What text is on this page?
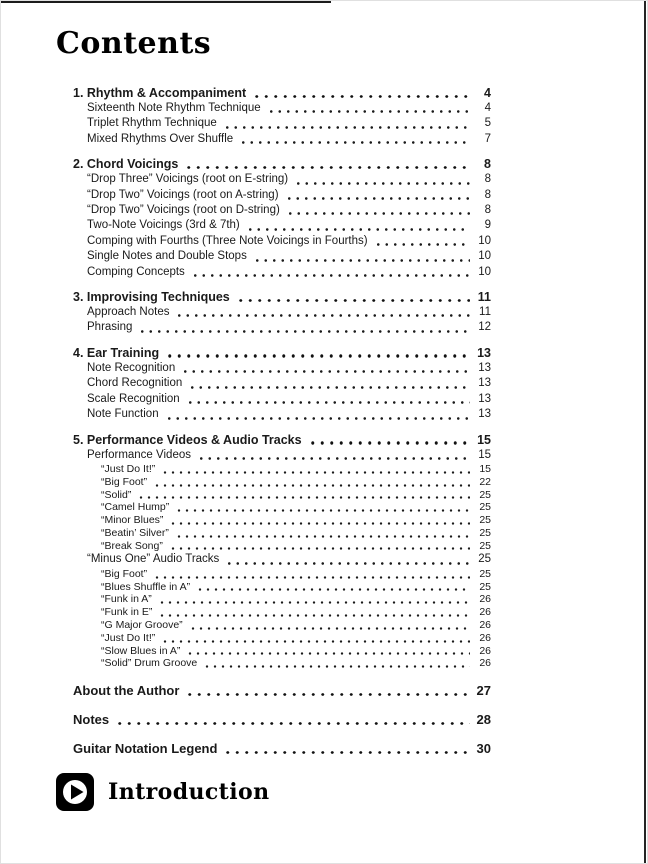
Contents
1. Rhythm & Accompaniment	4
Sixteenth Note Rhythm Technique	4
Triplet Rhythm Technique	5
Mixed Rhythms Over Shuffle	7
2. Chord Voicings	8
“Drop Three” Voicings (root on E-string)	8
“Drop Two” Voicings (root on A-string)	8
“Drop Two” Voicings (root on D-string)	8
Two-Note Voicings (3rd & 7th)	9
Comping with Fourths (Three Note Voicings in Fourths)	10
Single Notes and Double Stops	10
Comping Concepts	10
3. Improvising Techniques	11
Approach Notes	11
Phrasing	12
4. Ear Training	13
Note Recognition	13
Chord Recognition	13
Scale Recognition	13
Note Function	13
5. Performance Videos & Audio Tracks	15
Performance Videos	15
“Just Do It!”	15
“Big Foot”	22
“Solid”	25
“Camel Hump”	25
“Minor Blues”	25
“Beatin’ Silver”	25
“Break Song”	25
“Minus One” Audio Tracks	25
“Big Foot”	25
“Blues Shuffle in A”	25
“Funk in A”	26
“Funk in E”	26
“G Major Groove”	26
“Just Do It!”	26
“Slow Blues in A”	26
“Solid” Drum Groove	26
About the Author	27
Notes	28
Guitar Notation Legend	30
Introduction
